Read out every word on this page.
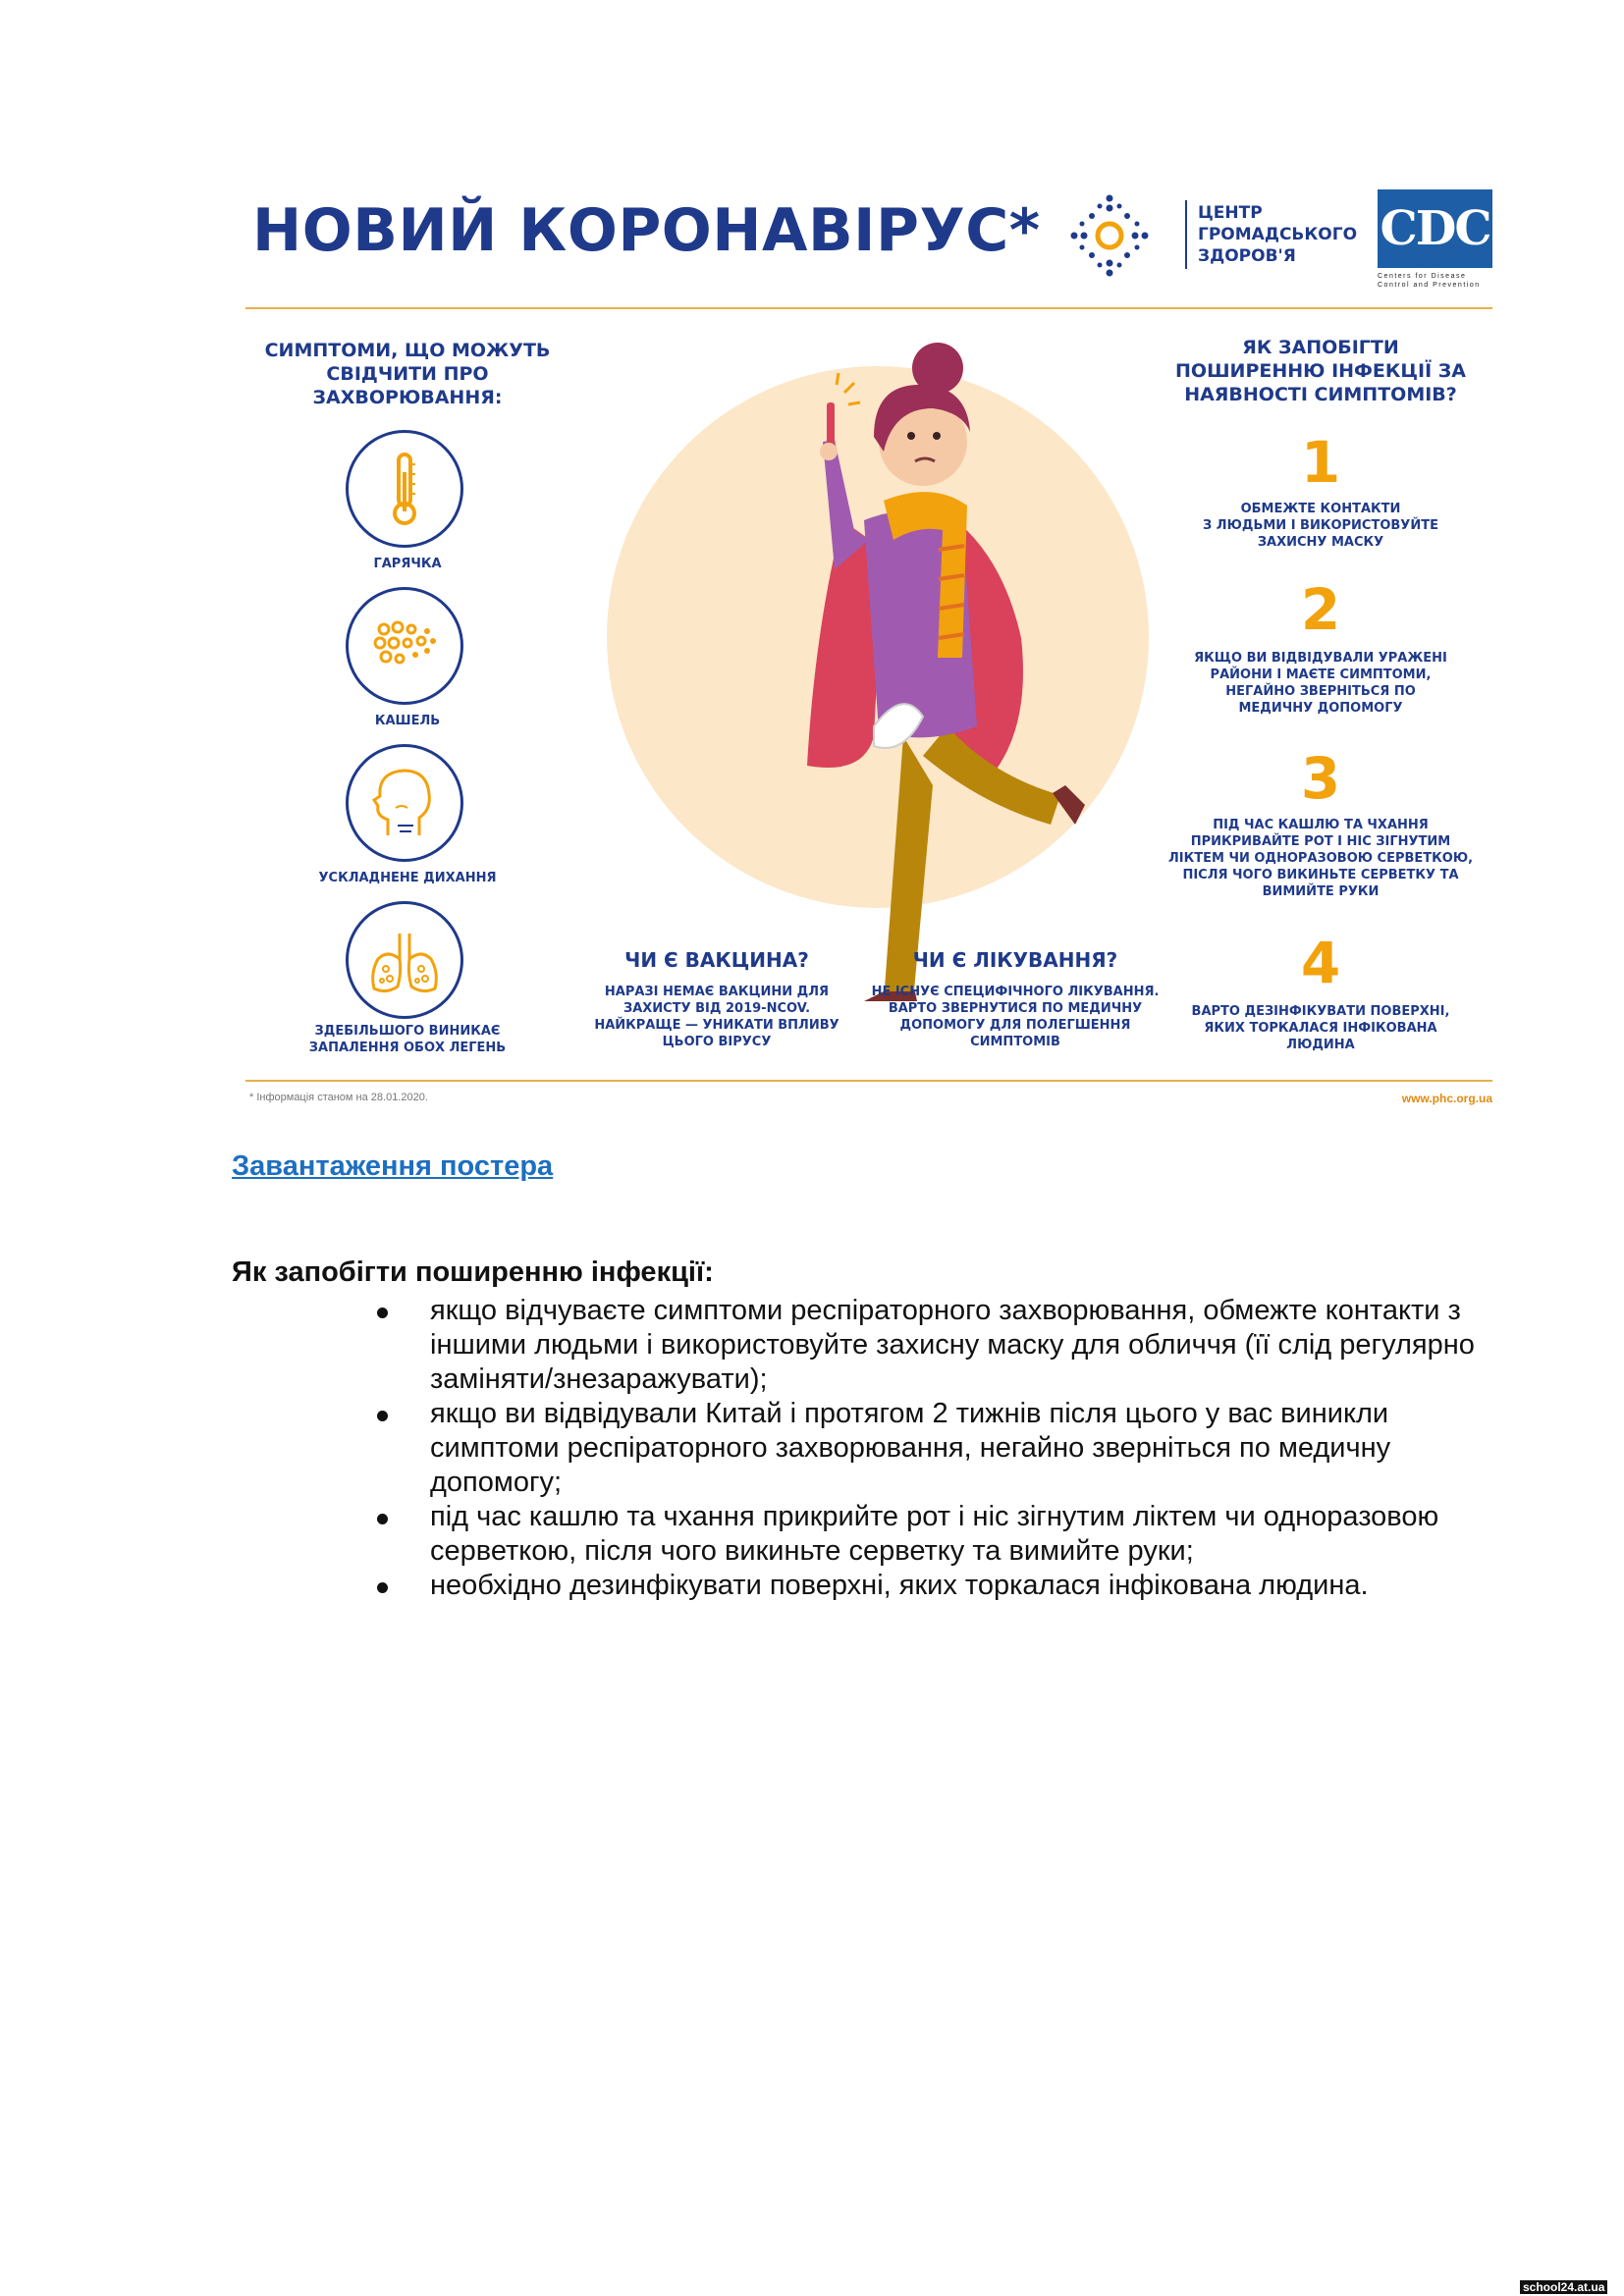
НОВИЙ КОРОНАВІРУС*	ЦЕНТР
ГРОМАДСЬКОГО
ЗДОРОВ'Я	CDC
Centers for Disease Control and Prevention
СИМПТОМИ, ЩО МОЖУТЬ
СВІДЧИТИ ПРО
ЗАХВОРЮВАННЯ:
ГАРЯЧКА
КАШЕЛЬ
УСКЛАДНЕНЕ ДИХАННЯ
ЗДЕБІЛЬШОГО ВИНИКАЄ
ЗАПАЛЕННЯ ОБОХ ЛЕГЕНЬ
ЯК ЗАПОБІГТИ
ПОШИРЕННЮ ІНФЕКЦІЇ ЗА
НАЯВНОСТІ СИМПТОМІВ?
1
ОБМЕЖТЕ КОНТАКТИ
З ЛЮДЬМИ І ВИКОРИСТОВУЙТЕ
ЗАХИСНУ МАСКУ
2
ЯКЩО ВИ ВІДВІДУВАЛИ УРАЖЕНІ
РАЙОНИ І МАЄТЕ СИМПТОМИ,
НЕГАЙНО ЗВЕРНІТЬСЯ ПО
МЕДИЧНУ ДОПОМОГУ
3
ПІД ЧАС КАШЛЮ ТА ЧХАННЯ
ПРИКРИВАЙТЕ РОТ І НІС ЗІГНУТИМ
ЛІКТЕМ ЧИ ОДНОРАЗОВОЮ СЕРВЕТКОЮ,
ПІСЛЯ ЧОГО ВИКИНЬТЕ СЕРВЕТКУ ТА
ВИМИЙТЕ РУКИ
4
ВАРТО ДЕЗІНФІКУВАТИ ПОВЕРХНІ,
ЯКИХ ТОРКАЛАСЯ ІНФІКОВАНА
ЛЮДИНА
ЧИ Є ВАКЦИНА?
НАРАЗІ НЕМАЄ ВАКЦИНИ ДЛЯ
ЗАХИСТУ ВІД 2019-NCOV.
НАЙКРАЩЕ — УНИКАТИ ВПЛИВУ
ЦЬОГО ВІРУСУ
ЧИ Є ЛІКУВАННЯ?
НЕ ІСНУЄ СПЕЦИФІЧНОГО ЛІКУВАННЯ.
ВАРТО ЗВЕРНУТИСЯ ПО МЕДИЧНУ
ДОПОМОГУ ДЛЯ ПОЛЕГШЕННЯ
СИМПТОМІВ
* Інформація станом на 28.01.2020.	www.phc.org.ua
Завантаження постера
Як запобігти поширенню інфекції:
якщо відчуваєте симптоми респіраторного захворювання, обмежте контакти з іншими людьми і використовуйте захисну маску для обличчя (її слід регулярно заміняти/знезаражувати);
якщо ви відвідували Китай і протягом 2 тижнів після цього у вас виникли симптоми респіраторного захворювання, негайно зверніться по медичну допомогу;
під час кашлю та чхання прикрийте рот і ніс зігнутим ліктем чи одноразовою серветкою, після чого викиньте серветку та вимийте руки;
необхідно дезинфікувати поверхні, яких торкалася інфікована людина.
school24.at.ua
